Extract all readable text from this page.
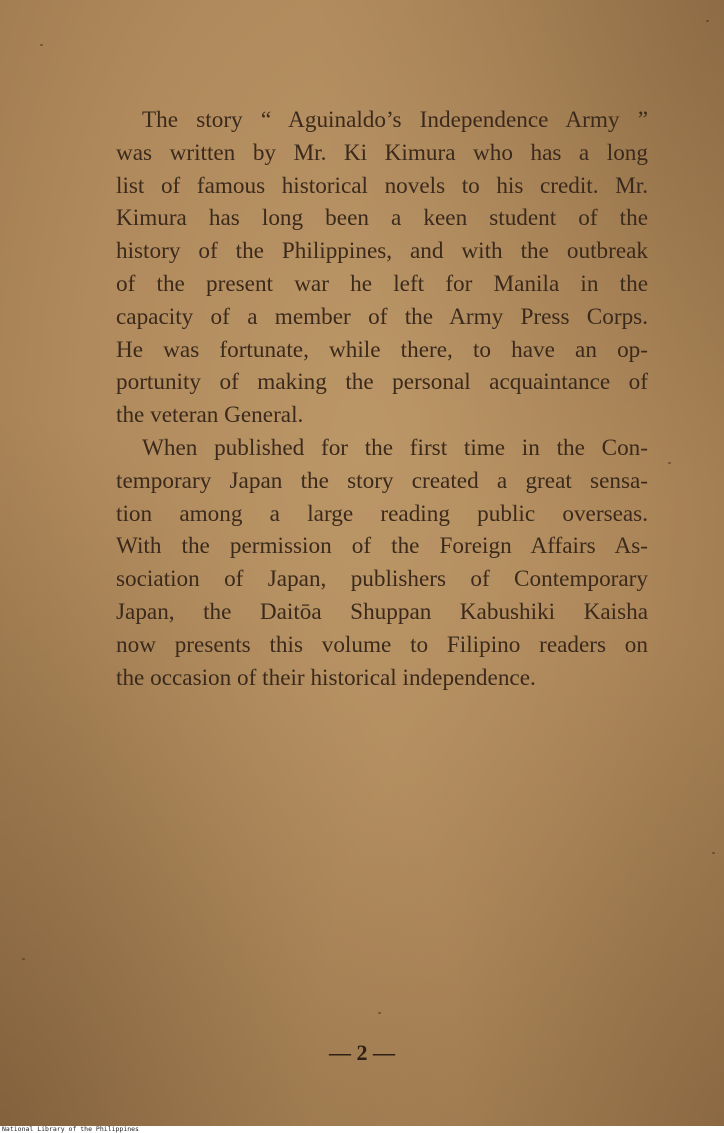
The story “ Aguinaldo’s Independence Army ”
was written by Mr. Ki Kimura who has a long
list of famous historical novels to his credit. Mr.
Kimura has long been a keen student of the
history of the Philippines, and with the outbreak
of the present war he left for Manila in the
capacity of a member of the Army Press Corps.
He was fortunate, while there, to have an op-
portunity of making the personal acquaintance of
the veteran General.

When published for the first time in the Con-
temporary Japan the story created a great sensa-
tion among a large reading public overseas.
With the permission of the Foreign Affairs As-
sociation of Japan, publishers of Contemporary
Japan, the Daitōa Shuppan Kabushiki Kaisha
now presents this volume to Filipino readers on
the occasion of their historical independence.

— 2 —
National Library of the Philippines
